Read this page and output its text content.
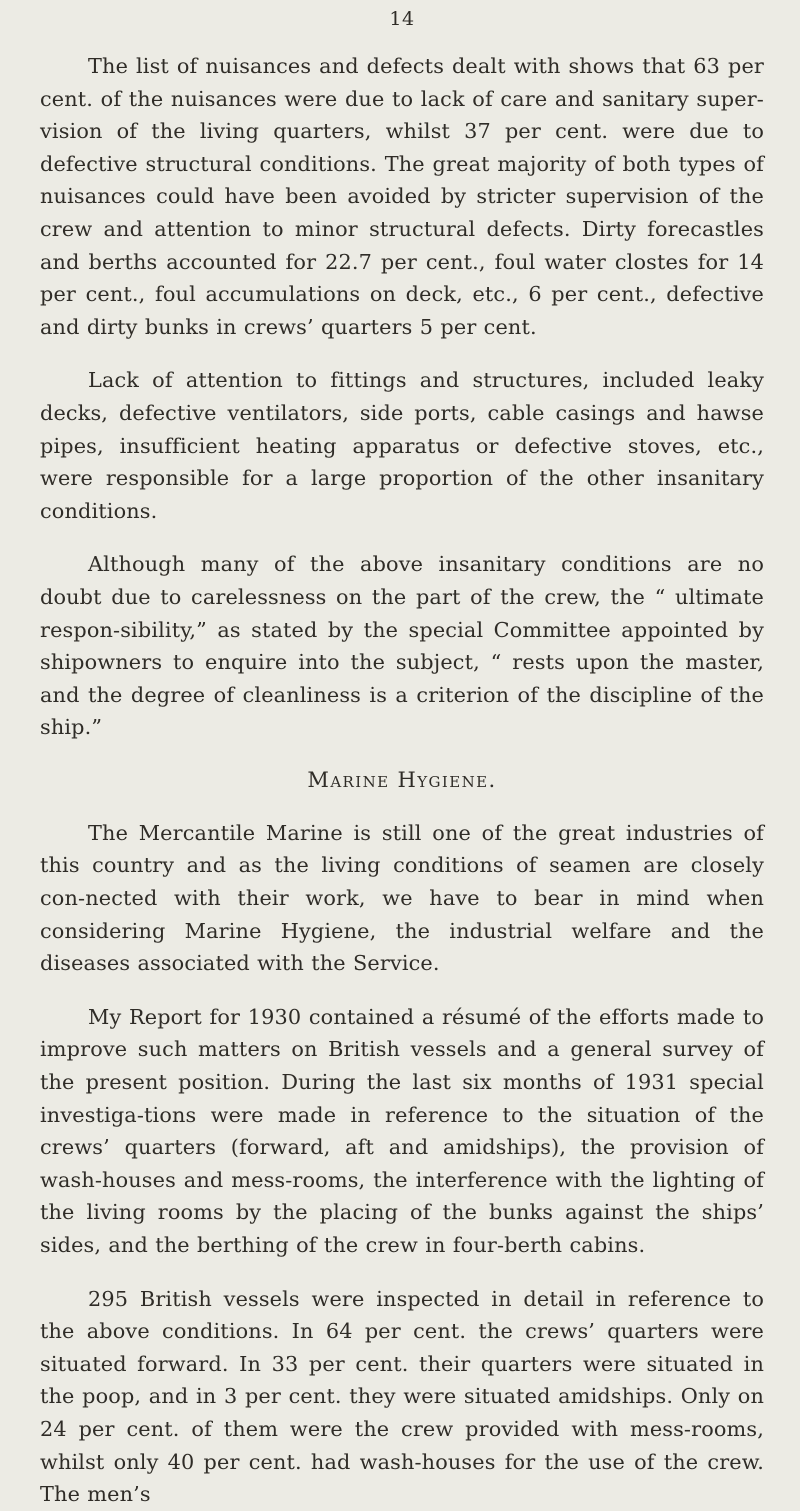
14

The list of nuisances and defects dealt with shows that 63 per cent. of the nuisances were due to lack of care and sanitary super-vision of the living quarters, whilst 37 per cent. were due to defective structural conditions. The great majority of both types of nuisances could have been avoided by stricter supervision of the crew and attention to minor structural defects. Dirty forecastles and berths accounted for 22.7 per cent., foul water clostes for 14 per cent., foul accumulations on deck, etc., 6 per cent., defective and dirty bunks in crews’ quarters 5 per cent.

Lack of attention to fittings and structures, included leaky decks, defective ventilators, side ports, cable casings and hawse pipes, insufficient heating apparatus or defective stoves, etc., were responsible for a large proportion of the other insanitary conditions.

Although many of the above insanitary conditions are no doubt due to carelessness on the part of the crew, the “ ultimate respon-sibility,” as stated by the special Committee appointed by shipowners to enquire into the subject, “ rests upon the master, and the degree of cleanliness is a criterion of the discipline of the ship.”

Marine Hygiene.

The Mercantile Marine is still one of the great industries of this country and as the living conditions of seamen are closely con-nected with their work, we have to bear in mind when considering Marine Hygiene, the industrial welfare and the diseases associated with the Service.

My Report for 1930 contained a résumé of the efforts made to improve such matters on British vessels and a general survey of the present position. During the last six months of 1931 special investiga-tions were made in reference to the situation of the crews’ quarters (forward, aft and amidships), the provision of wash-houses and mess-rooms, the interference with the lighting of the living rooms by the placing of the bunks against the ships’ sides, and the berthing of the crew in four-berth cabins.

295 British vessels were inspected in detail in reference to the above conditions. In 64 per cent. the crews’ quarters were situated forward. In 33 per cent. their quarters were situated in the poop, and in 3 per cent. they were situated amidships. Only on 24 per cent. of them were the crew provided with mess-rooms, whilst only 40 per cent. had wash-houses for the use of the crew. The men’s
